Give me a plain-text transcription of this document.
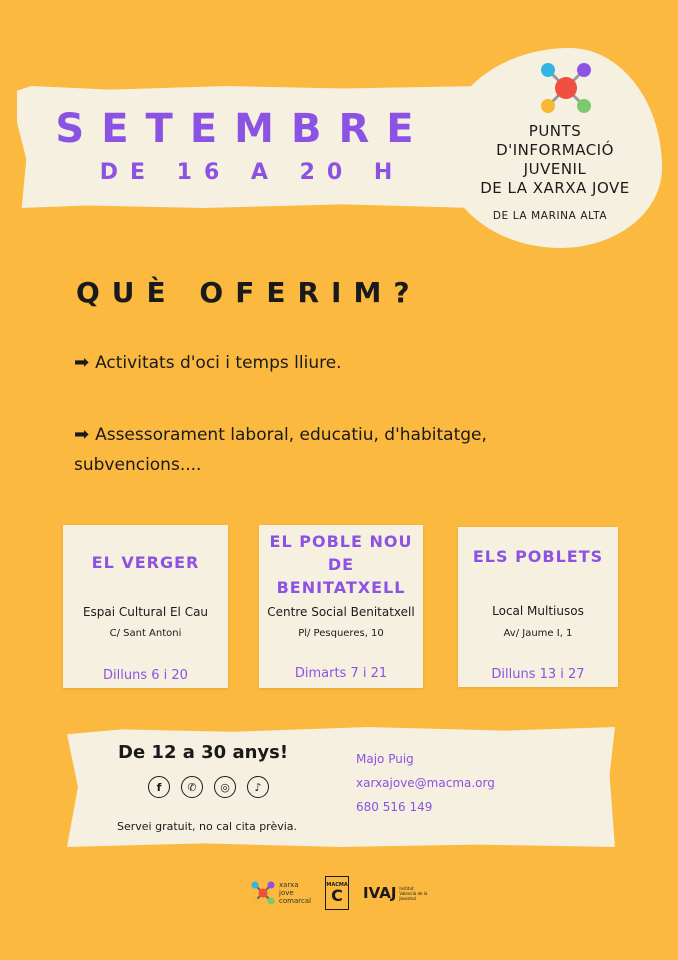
SETEMBRE
DE 16 A 20 H
PUNTS
D'INFORMACIÓ
JUVENIL
DE LA XARXA JOVE
DE LA MARINA ALTA
QUÈ OFERIM?
➡ Activitats d'oci i temps lliure.
➡ Assessorament laboral, educatiu, d'habitatge, subvencions....
EL VERGER
Espai Cultural El Cau
C/ Sant Antoni
Dilluns 6 i 20
EL POBLE NOU DE BENITATXELL
Centre Social Benitatxell
Pl/ Pesqueres, 10
Dimarts 7 i 21
ELS POBLETS
Local Multiusos
Av/ Jaume I, 1
Dilluns 13 i 27
De 12 a 30 anys!
f	✆	◎	♪
Servei gratuit, no cal cita prèvia.
Majo Puig
xarxajove@macma.org
680 516 149
xarxa
jove
comarcal
MACMA
C IVAJ Institut Valencià de la Joventut
